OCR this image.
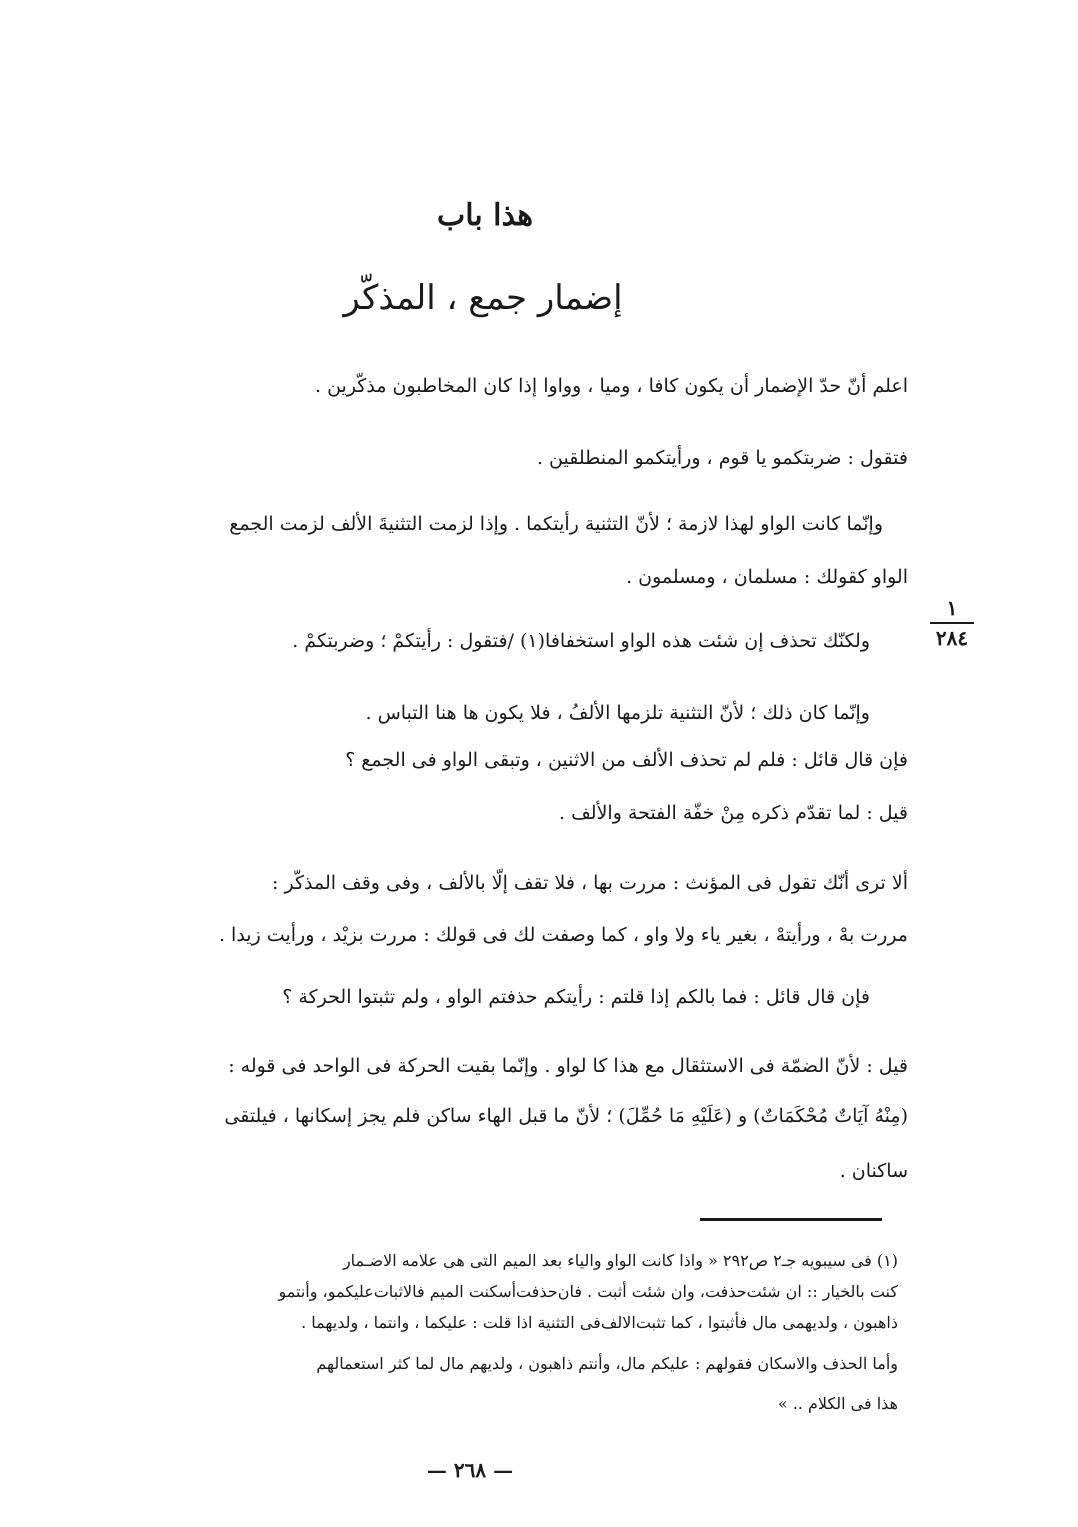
هذا باب
إضمار جمع ، المذكّر

اعلم أنّ حدّ الإضمار أن يكون كافا ، وميا ، وواوا إذا كان المخاطبون مذكّرين .

فتقول : ضربتكمو يا قوم ، ورأيتكمو المنطلقين .

وإنّما كانت الواو لهذا لازمة ؛ لأنّ التثنية رأيتكما . وإذا لزمت التثنيةَ الألف لزمت الجمع

الواو كقولك : مسلمان ، ومسلمون .

ولكنّك تحذف إن شئت هذه الواو استخفافا(١) /فتقول : رأيتكمْ ؛ وضربتكمْ .

وإنّما كان ذلك ؛ لأنّ التثنية تلزمها الألفُ ، فلا يكون ها هنا التباس .

فإن قال قائل : فلم لم تحذف الألف من الاثنين ، وتبقى الواو فى الجمع ؟

قيل : لما تقدّم ذكره مِنْ خفّة الفتحة والألف .

ألا ترى أنّك تقول فى المؤنث : مررت بها ، فلا تقف إلّا بالألف ، وفى وقف المذكّر :

مررت بهْ ، ورأيتهْ ، بغير ياء ولا واو ، كما وصفت لك فى قولك : مررت بزيْد ، ورأيت زيدا .

فإن قال قائل : فما بالكم إذا قلتم : رأيتكم حذفتم الواو ، ولم تثبتوا الحركة ؟

قيل : لأنّ الضمّة فى الاستثقال مع هذا كا لواو . وإنّما بقيت الحركة فى الواحد فى قوله :

(مِنْهُ آيَاتٌ مُحْكَمَاتٌ) و (عَلَيْهِ مَا حُمِّلَ) ؛ لأنّ ما قبل الهاء ساكن فلم يجز إسكانها ، فيلتقى

ساكنان .

١
٢٨٤

(١) فى سيبويه جـ٢ ص٢٩٢ « واذا كانت الواو والياء بعد الميم التى هى علامه الاضـمار

كنت بالخيار :: ان شئت‌حذفت، وان شئت أثبت . فان‌حذفت‌أسكنت الميم فالاثبات‌عليكمو، وأنتمو

ذاهبون ، ولديهمى مال فأثبتوا ، كما تثبت‌الالف‌فى التثنية اذا قلت : عليكما ، وانتما ، ولديهما .

وأما الحذف والاسكان فقولهم : عليكم مال، وأنتم ذاهبون ، ولديهم مال لما كثر استعمالهم

هذا فى الكلام .. »

— ٢٦٨ —
